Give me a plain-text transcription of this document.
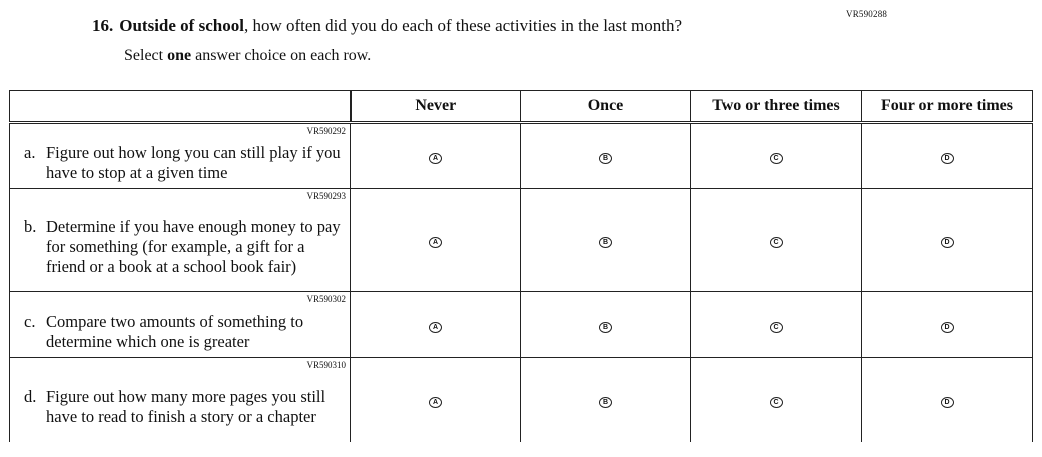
VR590288
16. Outside of school, how often did you do each of these activities in the last month?
Select one answer choice on each row.
	Never	Once	Two or three times	Four or more times

VR590292
a. Figure out how long you can still play if you have to stop at a given time	A	B	C	D

VR590293
b. Determine if you have enough money to pay for something (for example, a gift for a friend or a book at a school book fair)	A	B	C	D

VR590302
c. Compare two amounts of something to determine which one is greater	A	B	C	D

VR590310
d. Figure out how many more pages you still have to read to finish a story or a chapter	A	B	C	D
